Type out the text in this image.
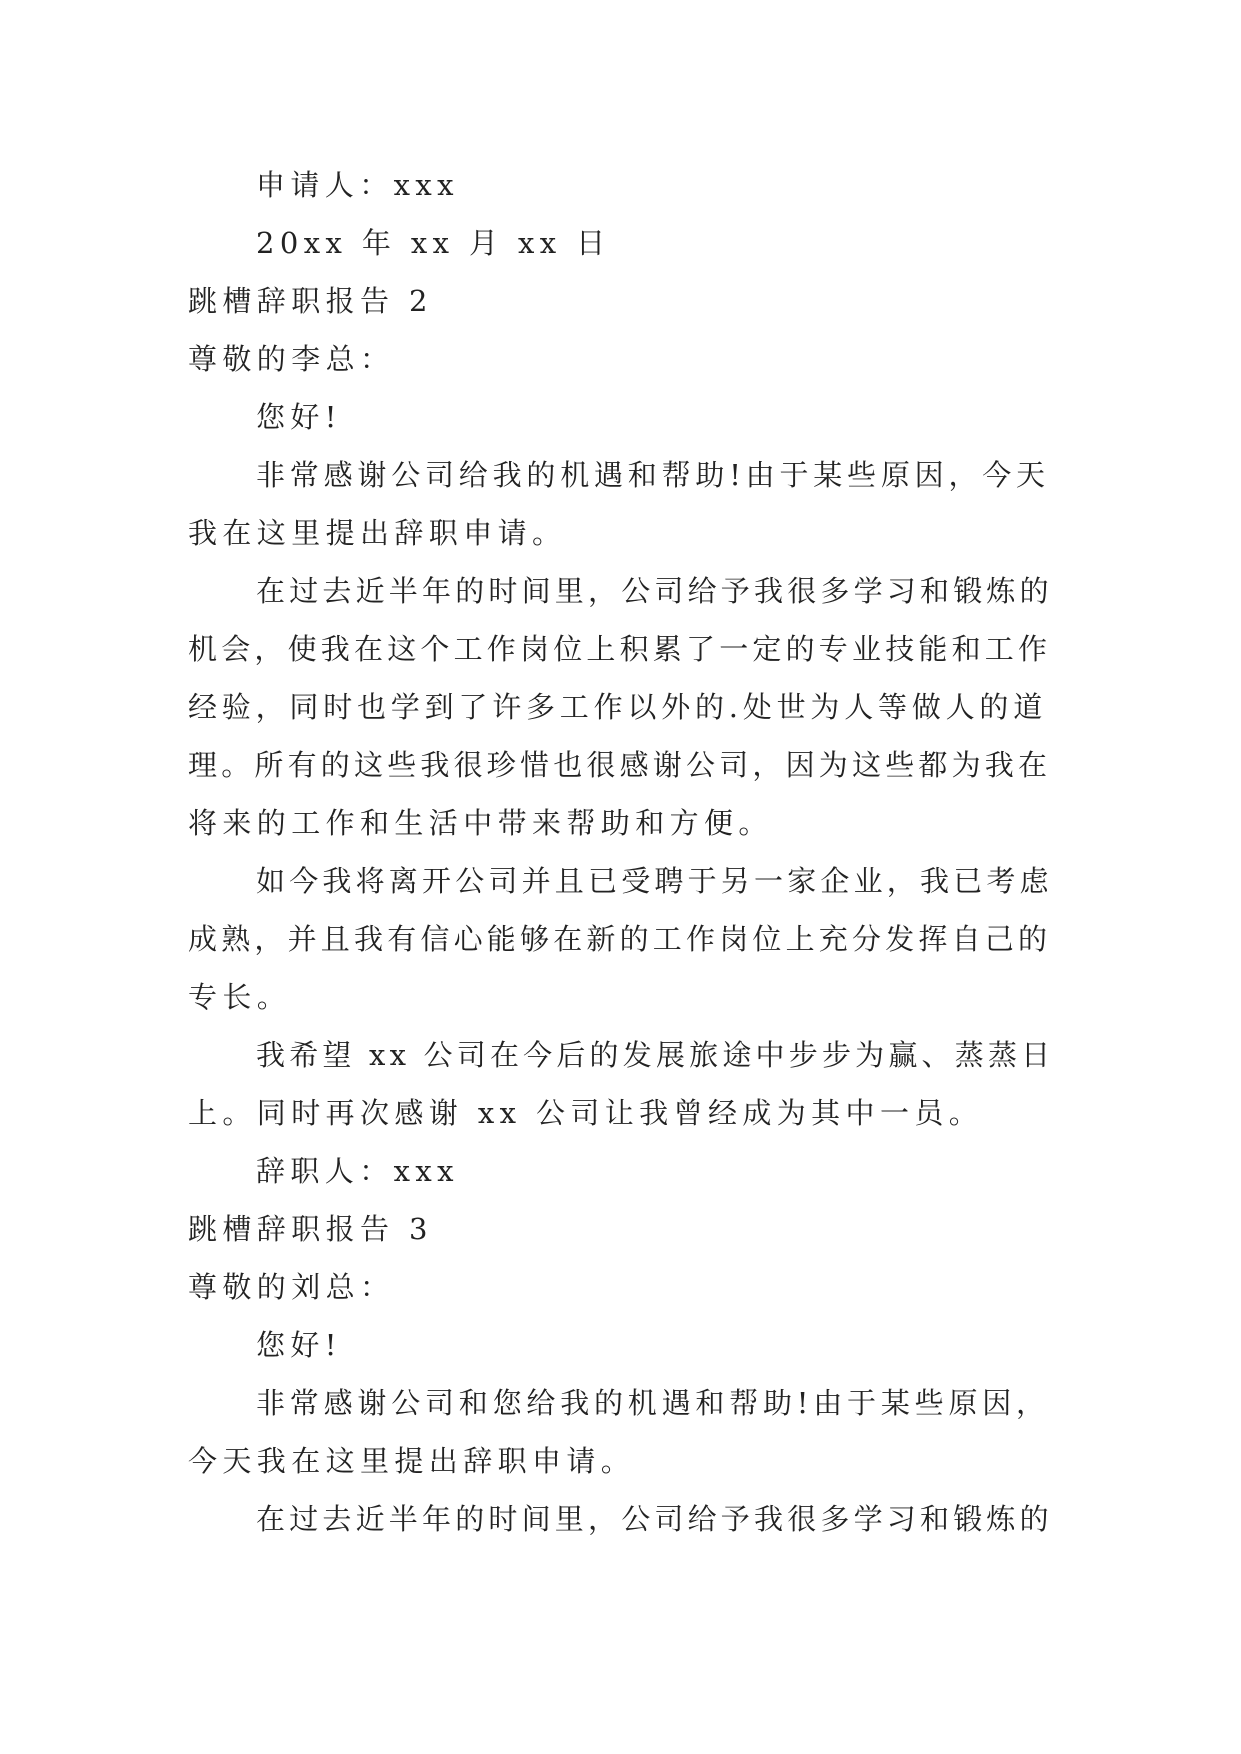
申请人：xxx
20xx 年 xx 月 xx 日
跳槽辞职报告 2
尊敬的李总：
您好!
非常感谢公司给我的机遇和帮助!由于某些原因，今天
我在这里提出辞职申请。
在过去近半年的时间里，公司给予我很多学习和锻炼的
机会，使我在这个工作岗位上积累了一定的专业技能和工作
经验，同时也学到了许多工作以外的.处世为人等做人的道
理。所有的这些我很珍惜也很感谢公司，因为这些都为我在
将来的工作和生活中带来帮助和方便。
如今我将离开公司并且已受聘于另一家企业，我已考虑
成熟，并且我有信心能够在新的工作岗位上充分发挥自己的
专长。
我希望 xx 公司在今后的发展旅途中步步为赢、蒸蒸日
上。同时再次感谢 xx 公司让我曾经成为其中一员。
辞职人：xxx
跳槽辞职报告 3
尊敬的刘总：
您好!
非常感谢公司和您给我的机遇和帮助!由于某些原因，
今天我在这里提出辞职申请。
在过去近半年的时间里，公司给予我很多学习和锻炼的
